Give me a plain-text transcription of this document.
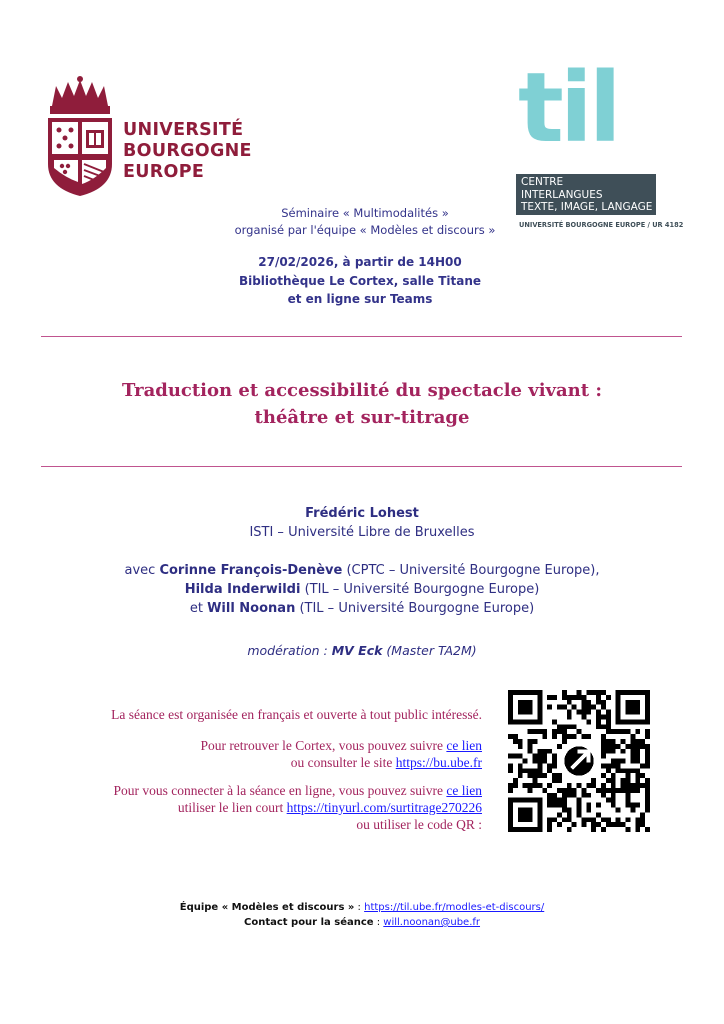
UNIVERSITÉ
BOURGOGNE
EUROPE
til
CENTRE
INTERLANGUES
TEXTE, IMAGE, LANGAGE
UNIVERSITÉ BOURGOGNE EUROPE / UR 4182
Séminaire « Multimodalités »
organisé par l'équipe « Modèles et discours »
27/02/2026, à partir de 14H00
Bibliothèque Le Cortex, salle Titane
et en ligne sur Teams
Traduction et accessibilité du spectacle vivant :
théâtre et sur-titrage
Frédéric Lohest
ISTI – Université Libre de Bruxelles
avec Corinne François-Denève (CPTC – Université Bourgogne Europe),
Hilda Inderwildi (TIL – Université Bourgogne Europe)
et Will Noonan (TIL – Université Bourgogne Europe)
modération : MV Eck (Master TA2M)
La séance est organisée en français et ouverte à tout public intéressé.
Pour retrouver le Cortex, vous pouvez suivre ce lien
ou consulter le site https://bu.ube.fr
Pour vous connecter à la séance en ligne, vous pouvez suivre ce lien
utiliser le lien court https://tinyurl.com/surtitrage270226
ou utiliser le code QR :
Équipe « Modèles et discours » : https://til.ube.fr/modles-et-discours/
Contact pour la séance : will.noonan@ube.fr
